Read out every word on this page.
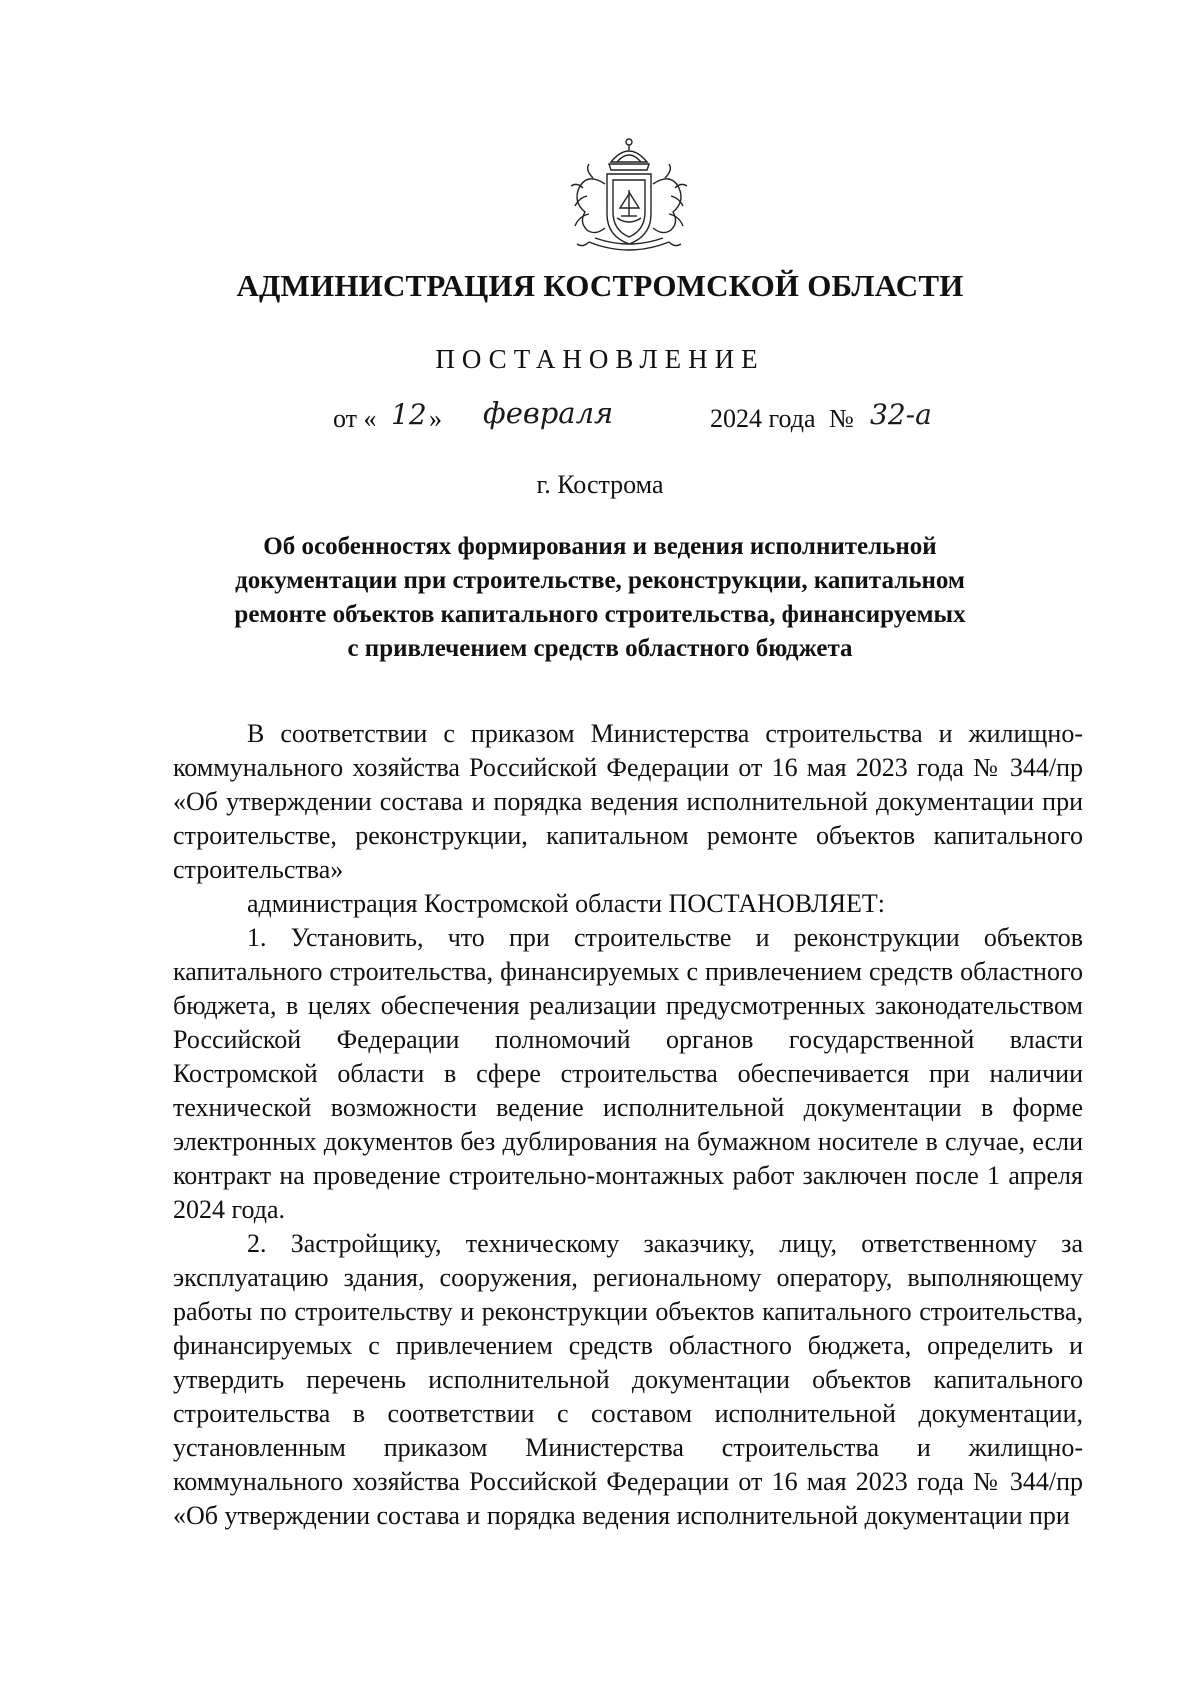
АДМИНИСТРАЦИЯ КОСТРОМСКОЙ ОБЛАСТИ
ПОСТАНОВЛЕНИЕ
от « 12 » февраля	2024 года № 32-а
г. Кострома
Об особенностях формирования и ведения исполнительной
документации при строительстве, реконструкции, капитальном
ремонте объектов капитального строительства, финансируемых
с привлечением средств областного бюджета

В соответствии с приказом Министерства строительства и жилищно-коммунального хозяйства Российской Федерации от 16 мая 2023 года № 344/пр «Об утверждении состава и порядка ведения исполнительной документации при строительстве, реконструкции, капитальном ремонте объектов капитального строительства»

администрация Костромской области ПОСТАНОВЛЯЕТ:

1. Установить, что при строительстве и реконструкции объектов капитального строительства, финансируемых с привлечением средств областного бюджета, в целях обеспечения реализации предусмотренных законодательством Российской Федерации полномочий органов государственной власти Костромской области в сфере строительства обеспечивается при наличии технической возможности ведение исполнительной документации в форме электронных документов без дублирования на бумажном носителе в случае, если контракт на проведение строительно-монтажных работ заключен после 1 апреля 2024 года.

2. Застройщику, техническому заказчику, лицу, ответственному за эксплуатацию здания, сооружения, региональному оператору, выполняющему работы по строительству и реконструкции объектов капитального строительства, финансируемых с привлечением средств областного бюджета, определить и утвердить перечень исполнительной документации объектов капитального строительства в соответствии с составом исполнительной документации, установленным приказом Министерства строительства и жилищно-коммунального хозяйства Российской Федерации от 16 мая 2023 года № 344/пр «Об утверждении состава и порядка ведения исполнительной документации при
